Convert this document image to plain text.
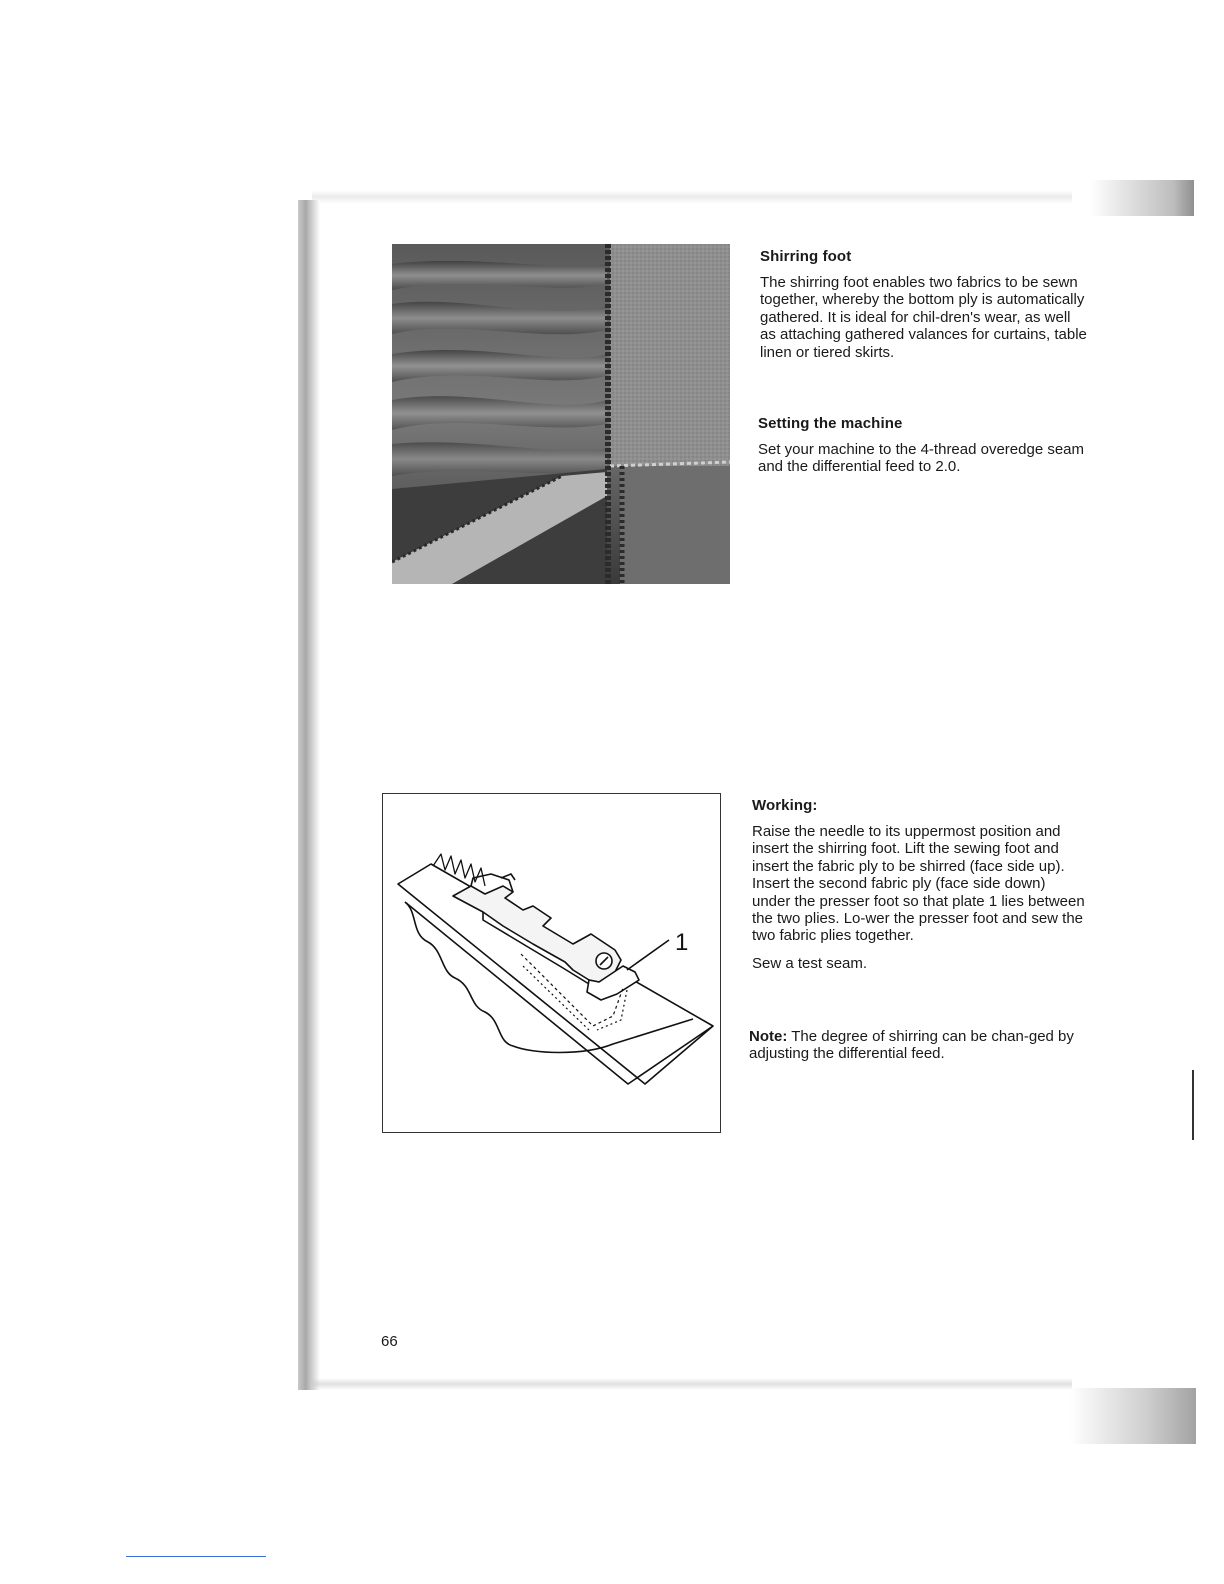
Shirring foot

The shirring foot enables two fabrics to be sewn together, whereby the bottom ply is automatically gathered. It is ideal for chil-dren's wear, as well as attaching gathered valances for curtains, table linen or tiered skirts.

Setting the machine

Set your machine to the 4-thread overedge seam and the differential feed to 2.0.

1
Working:

Raise the needle to its uppermost position and insert the shirring foot. Lift the sewing foot and insert the fabric ply to be shirred (face side up). Insert the second fabric ply (face side down) under the presser foot so that plate 1 lies between the two plies. Lo-wer the presser foot and sew the two fabric plies together.

Sew a test seam.

Note: The degree of shirring can be chan-ged by adjusting the differential feed.

66
